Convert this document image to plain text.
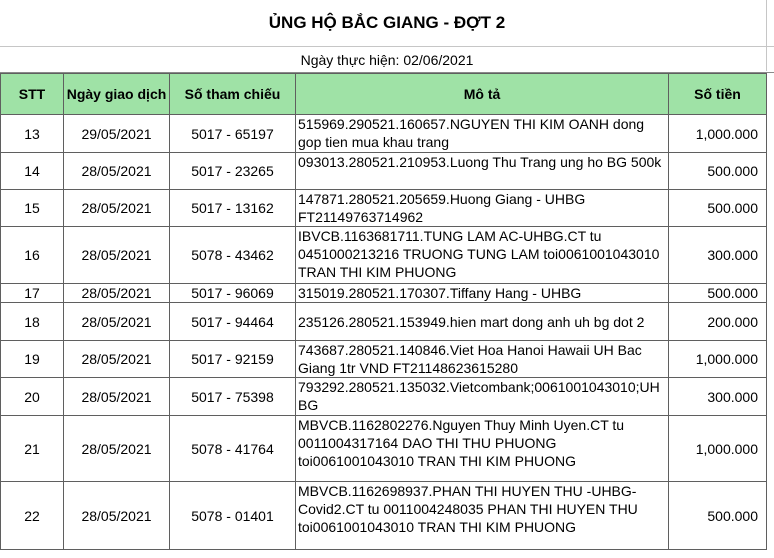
ỦNG HỘ BẮC GIANG - ĐỢT 2
Ngày thực hiện: 02/06/2021
STT	Ngày giao dịch	Số tham chiếu	Mô tả	Số tiền
13	29/05/2021	5017 - 65197	515969.290521.160657.NGUYEN THI KIM OANH dong gop tien mua khau trang	1,000.000
14	28/05/2021	5017 - 23265	093013.280521.210953.Luong Thu Trang ung ho BG 500k	500.000
15	28/05/2021	5017 - 13162	147871.280521.205659.Huong Giang - UHBG FT21149763714962	500.000
16	28/05/2021	5078 - 43462	IBVCB.1163681711.TUNG LAM AC-UHBG.CT tu 0451000213216 TRUONG TUNG LAM toi0061001043010 TRAN THI KIM PHUONG	300.000
17	28/05/2021	5017 - 96069	315019.280521.170307.Tiffany Hang - UHBG	500.000
18	28/05/2021	5017 - 94464	235126.280521.153949.hien mart dong anh uh bg dot 2	200.000
19	28/05/2021	5017 - 92159	743687.280521.140846.Viet Hoa Hanoi Hawaii UH Bac Giang 1tr VND FT21148623615280	1,000.000
20	28/05/2021	5017 - 75398	793292.280521.135032.Vietcombank;0061001043010;UHBG	300.000
21	28/05/2021	5078 - 41764	MBVCB.1162802276.Nguyen Thuy Minh Uyen.CT tu 0011004317164 DAO THI THU PHUONG toi0061001043010 TRAN THI KIM PHUONG	1,000.000
22	28/05/2021	5078 - 01401	MBVCB.1162698937.PHAN THI HUYEN THU -UHBG-Covid2.CT tu 0011004248035 PHAN THI HUYEN THU toi0061001043010 TRAN THI KIM PHUONG	500.000
